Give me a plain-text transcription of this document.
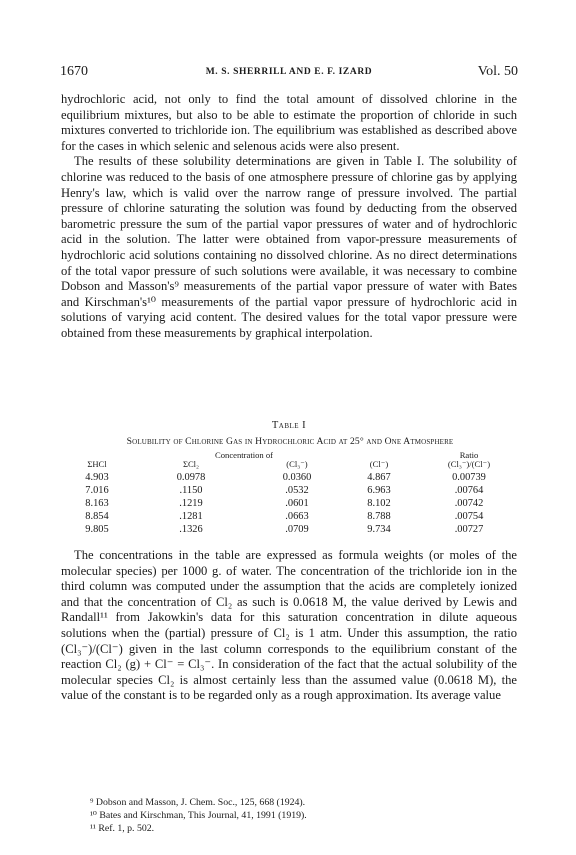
1670	M. S. SHERRILL AND E. F. IZARD	Vol. 50

hydrochloric acid, not only to find the total amount of dissolved chlorine in the equilibrium mixtures, but also to be able to estimate the proportion of chloride in such mixtures converted to trichloride ion. The equilibrium was established as described above for the cases in which selenic and selenous acids were also present.

The results of these solubility determinations are given in Table I. The solubility of chlorine was reduced to the basis of one atmosphere pressure of chlorine gas by applying Henry's law, which is valid over the narrow range of pressure involved. The partial pressure of chlorine saturating the solution was found by deducting from the observed barometric pressure the sum of the partial vapor pressures of water and of hydrochloric acid in the solution. The latter were obtained from vapor-pressure measurements of hydrochloric acid solutions containing no dissolved chlorine. As no direct determinations of the total vapor pressure of such solutions were available, it was necessary to combine Dobson and Masson's⁹ measurements of the partial vapor pressure of water with Bates and Kirschman's¹⁰ measurements of the partial vapor pressure of hydrochloric acid in solutions of varying acid content. The desired values for the total vapor pressure were obtained from these measurements by graphical interpolation.

Table I
Solubility of Chlorine Gas in Hydrochloric Acid at 25° and One Atmosphere
Concentration of	Ratio
ΣHCl	ΣCl₂	(Cl₃⁻)	(Cl⁻)	(Cl₃⁻)/(Cl⁻)
4.903	0.0978	0.0360	4.867	0.00739
7.016	.1150	.0532	6.963	.00764
8.163	.1219	.0601	8.102	.00742
8.854	.1281	.0663	8.788	.00754
9.805	.1326	.0709	9.734	.00727

The concentrations in the table are expressed as formula weights (or moles of the molecular species) per 1000 g. of water. The concentration of the trichloride ion in the third column was computed under the assumption that the acids are completely ionized and that the concentration of Cl₂ as such is 0.0618 M, the value derived by Lewis and Randall¹¹ from Jakowkin's data for this saturation concentration in dilute aqueous solutions when the (partial) pressure of Cl₂ is 1 atm. Under this assumption, the ratio (Cl₃⁻)/(Cl⁻) given in the last column corresponds to the equilibrium constant of the reaction Cl₂ (g) + Cl⁻ = Cl₃⁻. In consideration of the fact that the actual solubility of the molecular species Cl₂ is almost certainly less than the assumed value (0.0618 M), the value of the constant is to be regarded only as a rough approximation. Its average value

⁹ Dobson and Masson, J. Chem. Soc., 125, 668 (1924).
¹⁰ Bates and Kirschman, This Journal, 41, 1991 (1919).
¹¹ Ref. 1, p. 502.
